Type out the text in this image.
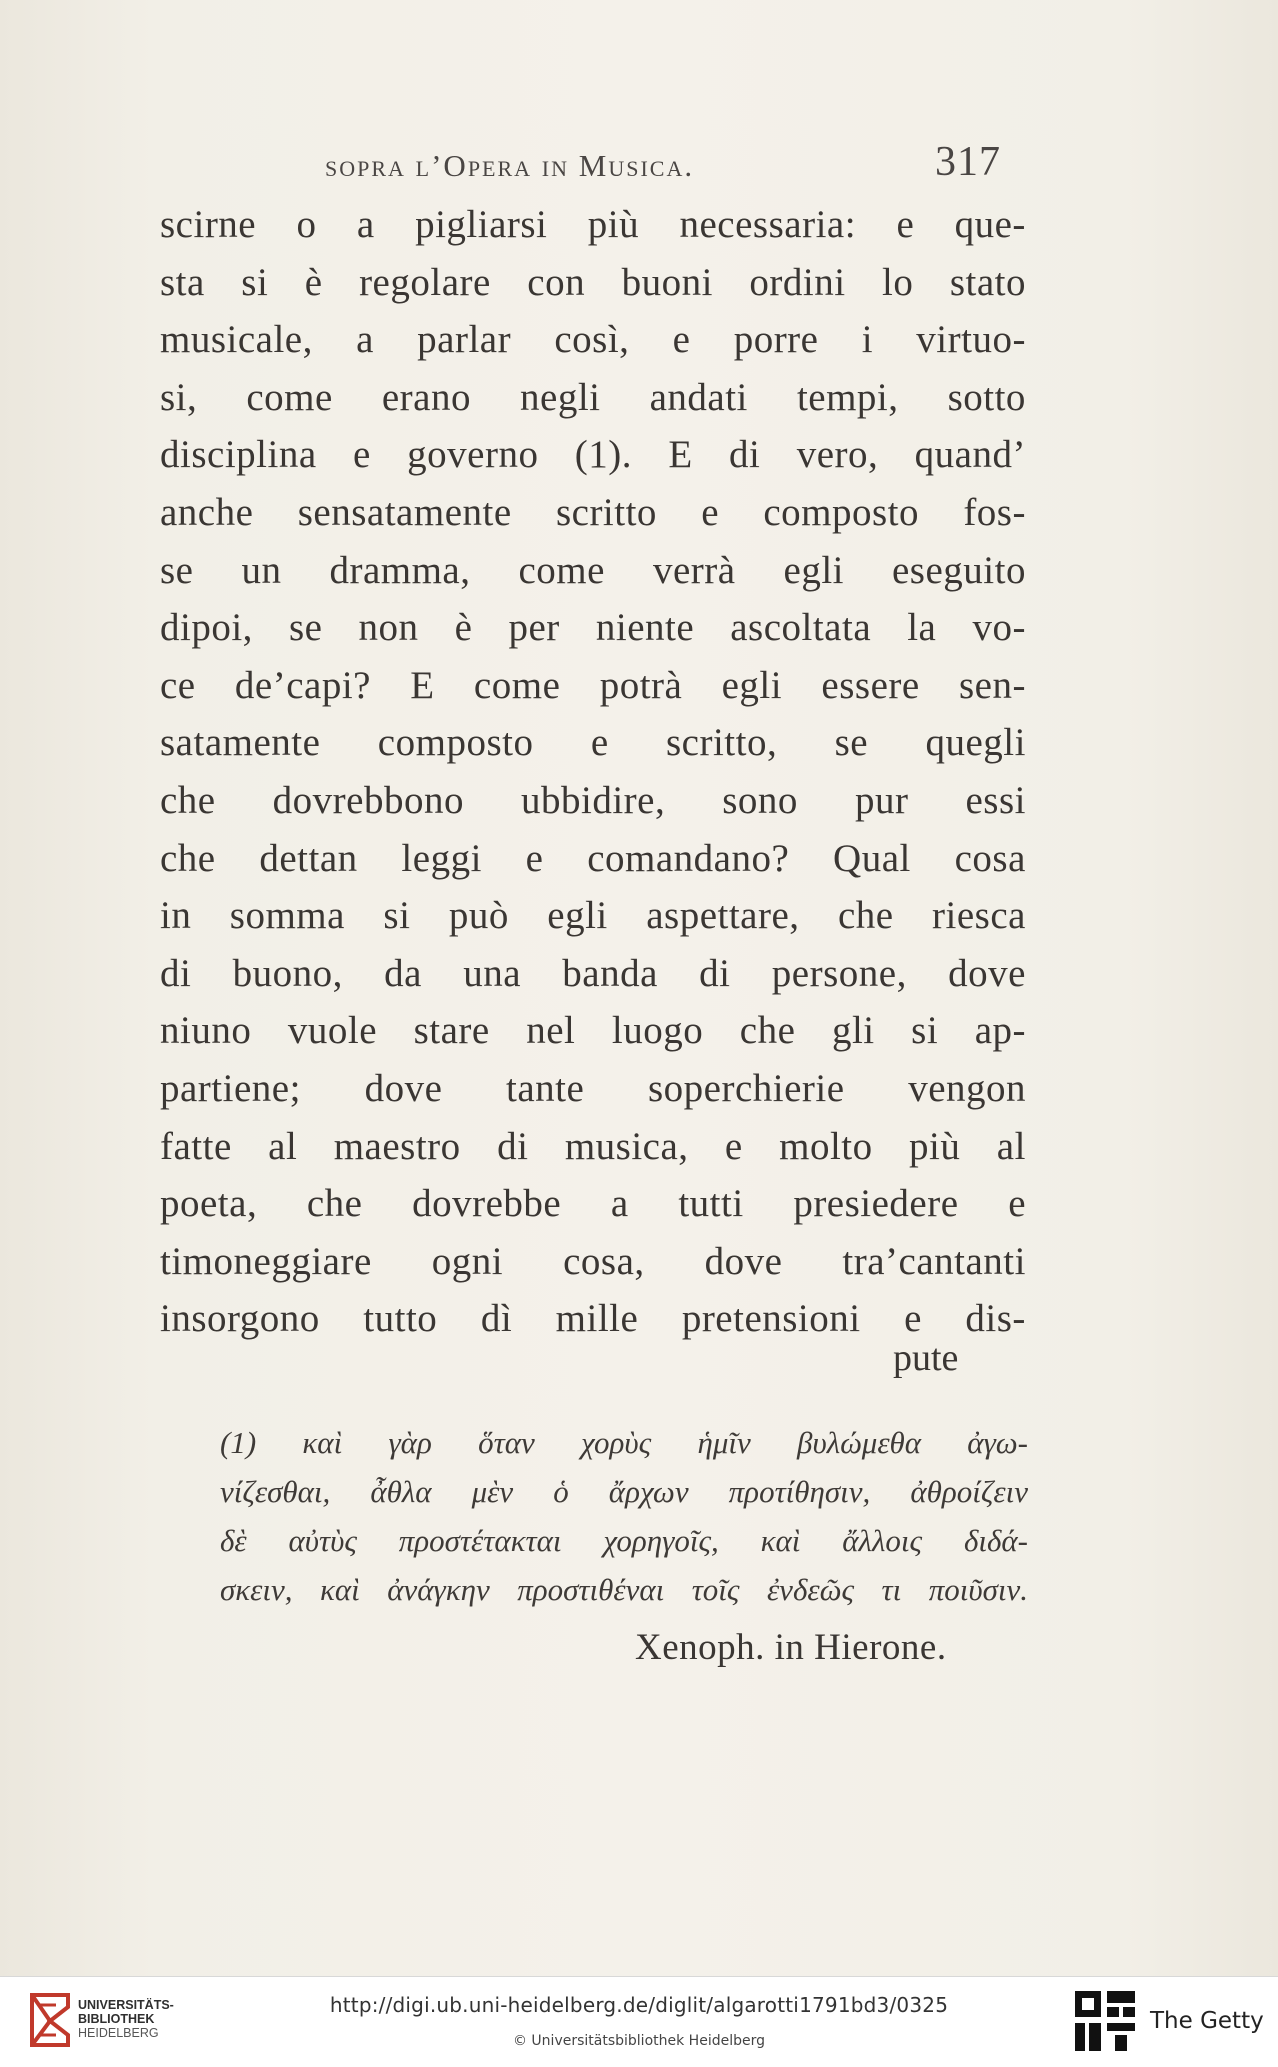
sopra l’Opera in Musica.	317
scirne o a pigliarsi più necessaria: e que-
sta si è regolare con buoni ordini lo stato
musicale, a parlar così, e porre i virtuo-
si, come erano negli andati tempi, sotto
disciplina e governo (1). E di vero, quand’
anche sensatamente scritto e composto fos-
se un dramma, come verrà egli eseguito
dipoi, se non è per niente ascoltata la vo-
ce de’capi? E come potrà egli essere sen-
satamente composto e scritto, se quegli
che dovrebbono ubbidire, sono pur essi
che dettan leggi e comandano? Qual cosa
in somma si può egli aspettare, che riesca
di buono, da una banda di persone, dove
niuno vuole stare nel luogo che gli si ap-
partiene; dove tante soperchierie vengon
fatte al maestro di musica, e molto più al
poeta, che dovrebbe a tutti presiedere e
timoneggiare ogni cosa, dove tra’cantanti
insorgono tutto dì mille pretensioni e dis-
pute
(1) καὶ γὰρ ὅταν χορὺς ἡμῖν βυλώμεθα ἀγω-
νίζεσθαι, ἆθλα μὲν ὁ ἄρχων προτίθησιν, ἀθροίζειν
δὲ αὐτὺς προστέτακται χορηγοῖς, καὶ ἄλλοις διδά-
σκειν, καὶ ἀνάγκην προστιθέναι τοῖς ἐνδεῶς τι ποιῦσιν.
Xenoph. in Hierone.
UNIVERSITÄTS-
BIBLIOTHEK
HEIDELBERG
http://digi.ub.uni-heidelberg.de/diglit/algarotti1791bd3/0325
© Universitätsbibliothek Heidelberg
The Getty
